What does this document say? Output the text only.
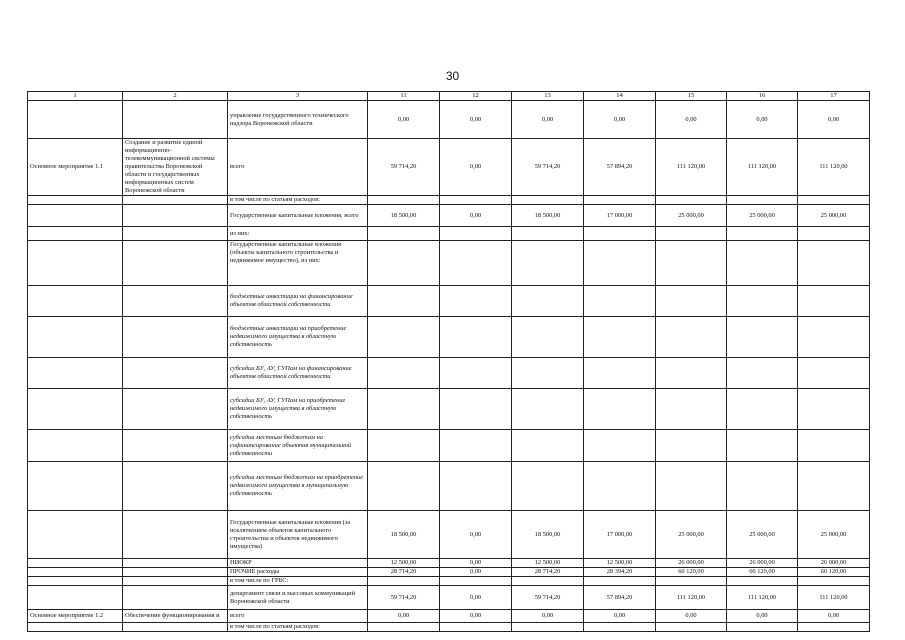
30
1	2	3	11	12	13	14	15	16	17
		управление государственного технического надзора Воронежской области	0,00	0,00	0,00	0,00	0,00	0,00	0,00
Основное мероприятие 1.1	Создание и развитие единой информационно-телекоммуникационной системы правительства Воронежской области и государственных информационных систем Воронежской области	всего	59 714,20	0,00	59 714,20	57 894,20	111 120,00	111 120,00	111 120,00
		в том числе по статьям расходов:							
		Государственные капитальные вложения, всего	18 500,00	0,00	18 500,00	17 000,00	25 000,00	25 000,00	25 000,00
		из них:							
		Государственные капитальные вложения (объекты капитального строительства и недвижимое имущество), из них:							
		бюджетные инвестиции на финансирование объектов областной собственности							
		бюджетные инвестиции на приобретение недвижимого имущества в областную собственность							
		субсидии БУ, АУ, ГУПам на финансирование объектов областной собственности							
		субсидии БУ, АУ, ГУПам на приобретение недвижимого имущества в областную собственность							
		субсидии местным бюджетам на софинансирование объектов муниципальной собственности							
		субсидии местным бюджетам на приобретение недвижимого имущества в муниципальную собственность							
		Государственные капитальные вложения (за исключением объектов капитального строительства и объектов недвижимого имущества)	18 500,00	0,00	18 500,00	17 000,00	25 000,00	25 000,00	25 000,00
		НИОКР	12 500,00	0,00	12 500,00	12 500,00	26 000,00	26 000,00	26 000,00
		ПРОЧИЕ расходы	28 714,20	0,00	28 714,20	28 394,20	60 120,00	60 120,00	60 120,00
		в том числе по ГРБС:							
		департамент связи и массовых коммуникаций Воронежской области	59 714,20	0,00	59 714,20	57 894,20	111 120,00	111 120,00	111 120,00
Основное мероприятие 1.2	Обеспечение функционирования и	всего	0,00	0,00	0,00	0,00	0,00	0,00	0,00
		в том числе по статьям расходов:							
